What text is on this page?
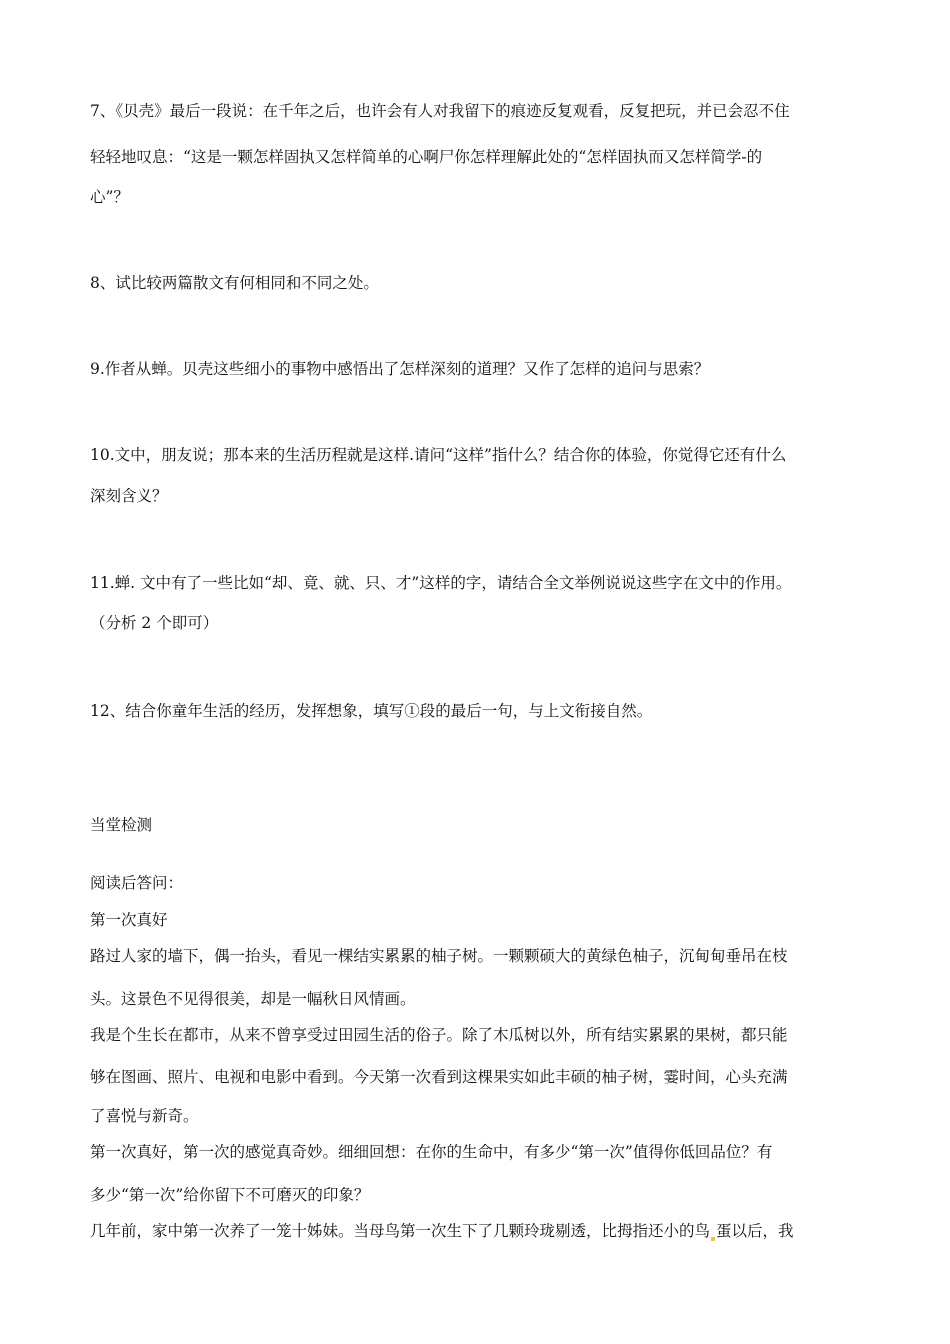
7、《贝壳》最后一段说：在千年之后，也许会有人对我留下的痕迹反复观看，反复把玩，并已会忍不住
轻轻地叹息：“这是一颗怎样固执又怎样简单的心啊尸你怎样理解此处的“怎样固执而又怎样简学-的
心”？
8、试比较两篇散文有何相同和不同之处。
9.作者从蝉。贝壳这些细小的事物中感悟出了怎样深刻的道理？又作了怎样的追问与思索？
10.文中，朋友说；那本来的生活历程就是这样.请问“这样”指什么？结合你的体验，你觉得它还有什么
深刻含义？
11.蝉. 文中有了一些比如“却、竟、就、只、才”这样的字，请结合全文举例说说这些字在文中的作用。
（分析 2 个即可）
12、结合你童年生活的经历，发挥想象，填写①段的最后一句，与上文衔接自然。
当堂检测
阅读后答问：
第一次真好
路过人家的墙下，偶一抬头，看见一棵结实累累的柚子树。一颗颗硕大的黄绿色柚子，沉甸甸垂吊在枝
头。这景色不见得很美，却是一幅秋日风情画。
我是个生长在都市，从来不曾享受过田园生活的俗子。除了木瓜树以外，所有结实累累的果树，都只能
够在图画、照片、电视和电影中看到。今天第一次看到这棵果实如此丰硕的柚子树，霎时间，心头充满
了喜悦与新奇。
第一次真好，第一次的感觉真奇妙。细细回想：在你的生命中，有多少“第一次”值得你低回品位？有
多少“第一次”给你留下不可磨灭的印象？
几年前，家中第一次养了一笼十姊妹。当母鸟第一次生下了几颗玲珑剔透，比拇指还小的鸟 蛋以后，我
